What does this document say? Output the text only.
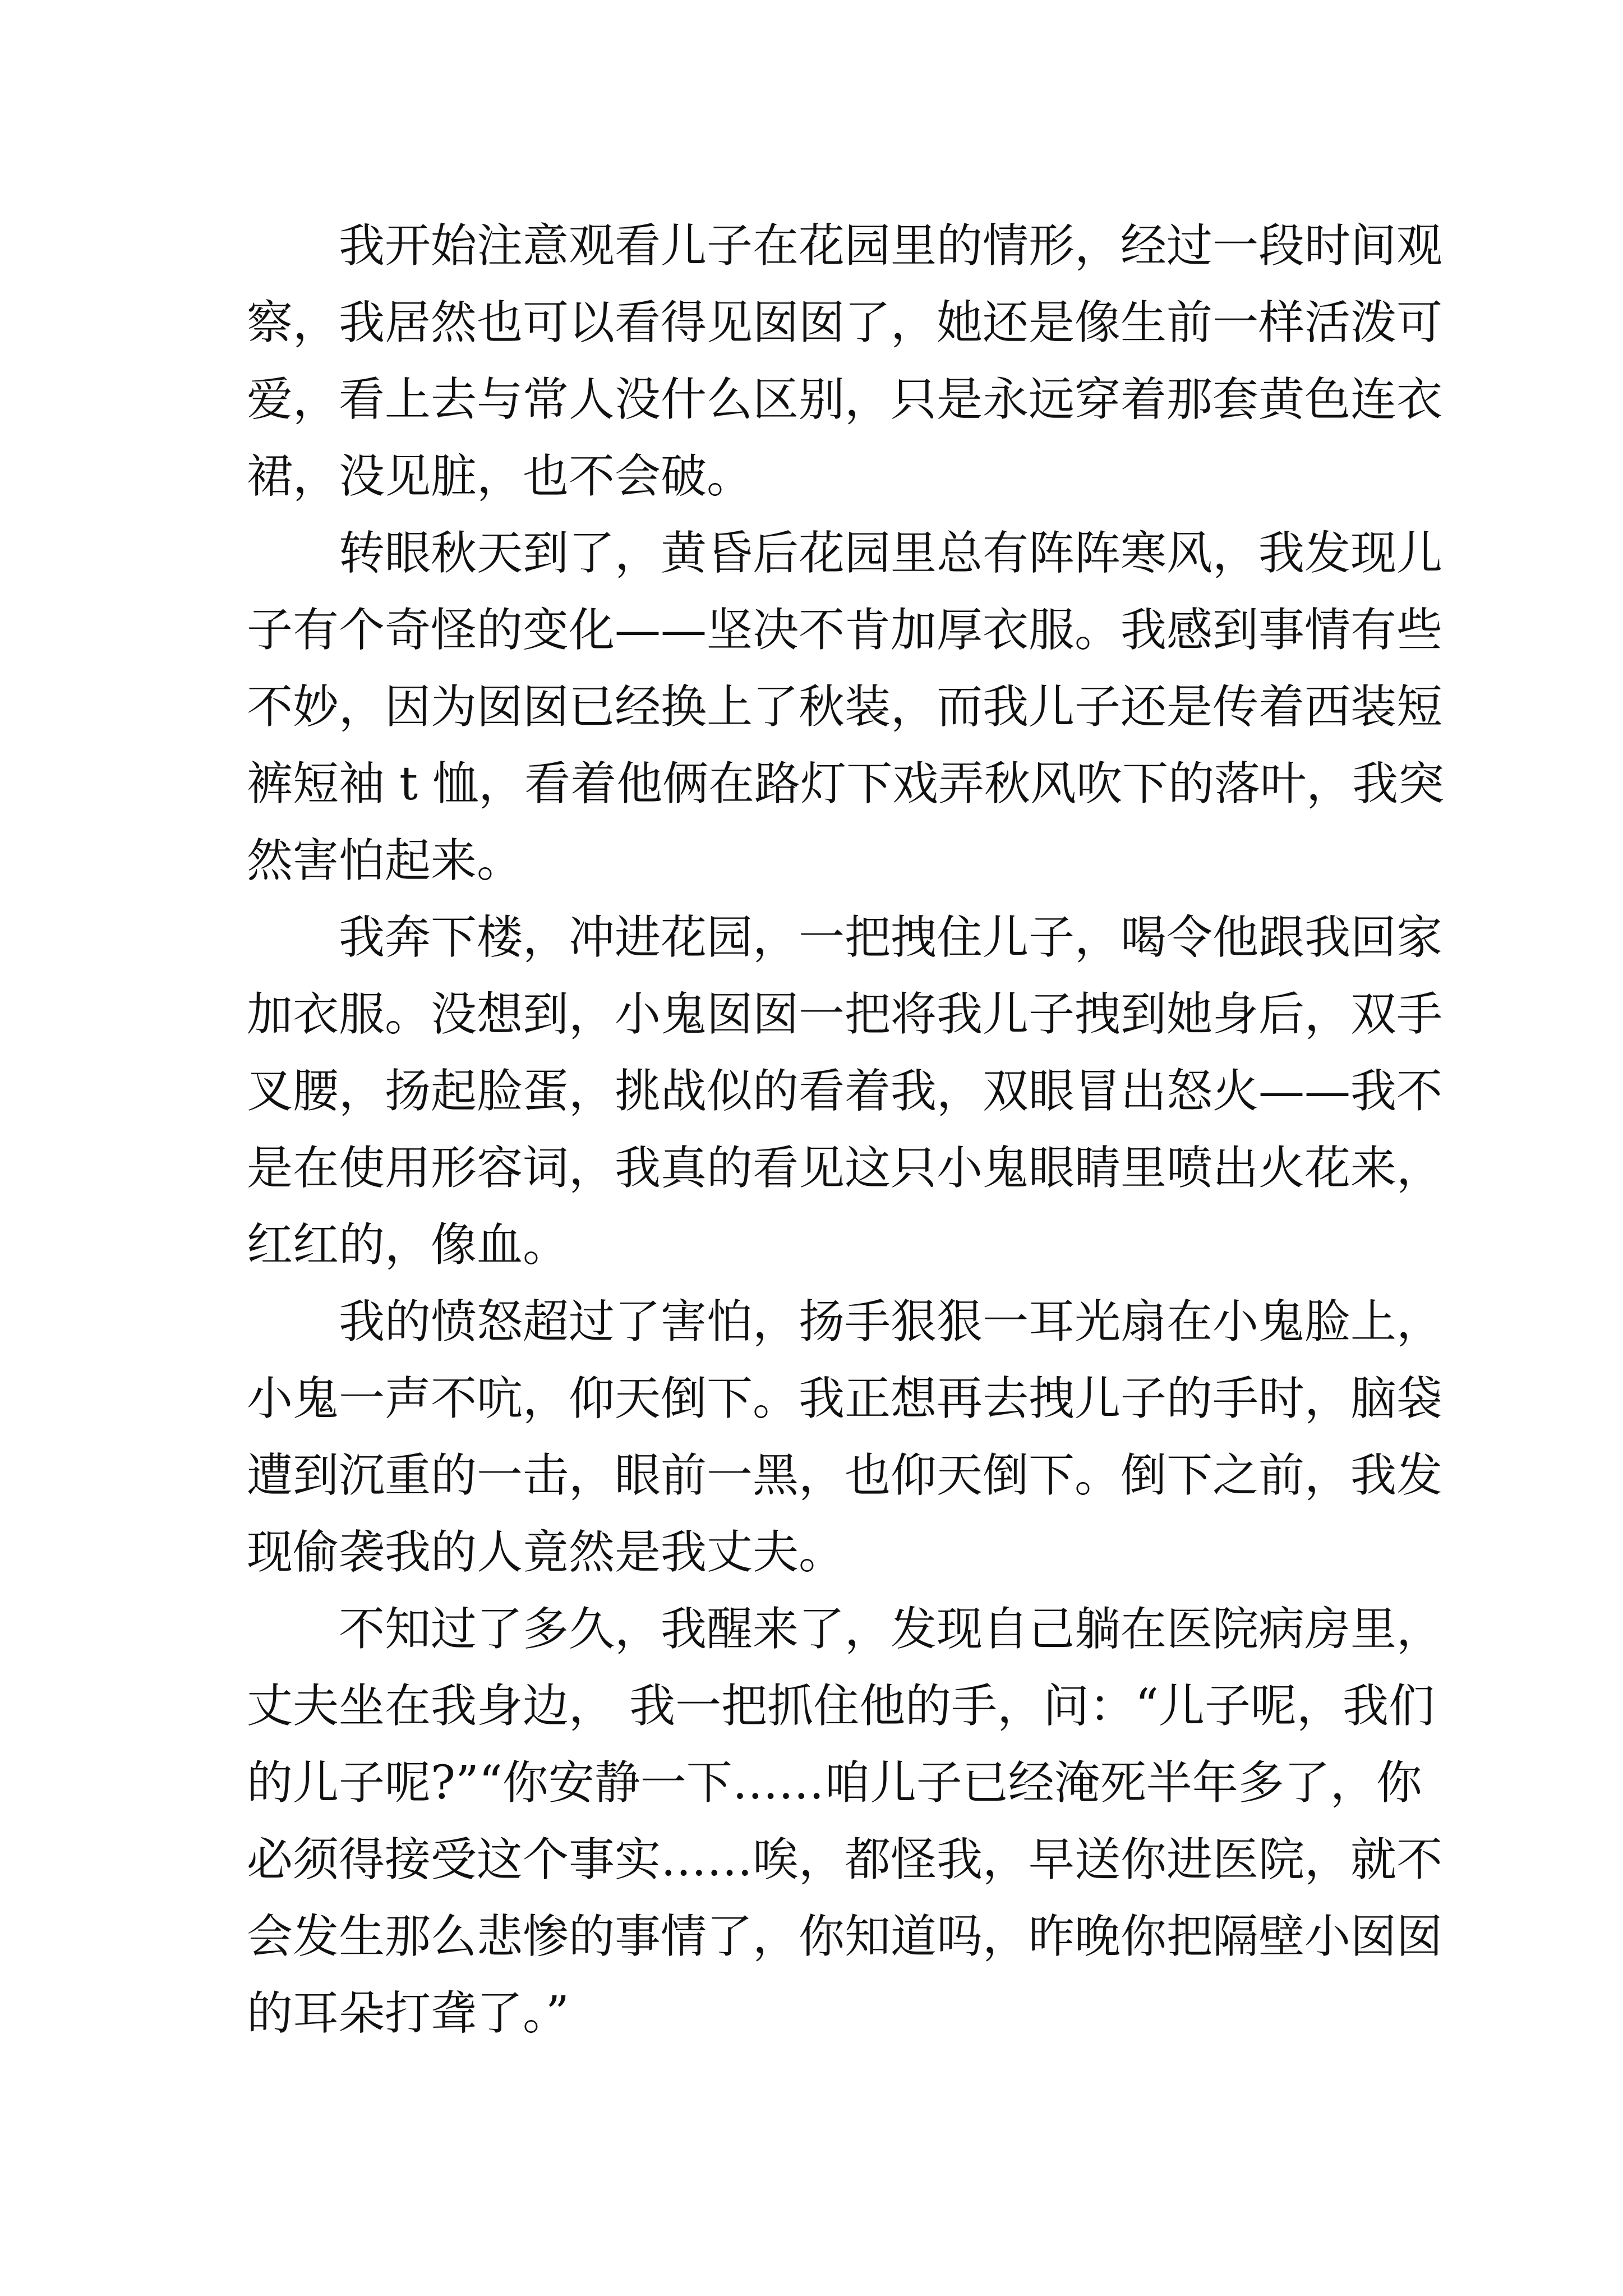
我开始注意观看儿子在花园里的情形，经过一段时间观
察，我居然也可以看得见囡囡了，她还是像生前一样活泼可
爱，看上去与常人没什么区别，只是永远穿着那套黄色连衣
裙，没见脏，也不会破。
转眼秋天到了，黄昏后花园里总有阵阵寒风，我发现儿
子有个奇怪的变化——坚决不肯加厚衣服。我感到事情有些
不妙，因为囡囡已经换上了秋装，而我儿子还是传着西装短
裤短袖 t 恤，看着他俩在路灯下戏弄秋风吹下的落叶，我突
然害怕起来。
我奔下楼，冲进花园，一把拽住儿子，喝令他跟我回家
加衣服。没想到，小鬼囡囡一把将我儿子拽到她身后，双手
叉腰，扬起脸蛋，挑战似的看着我，双眼冒出怒火——我不
是在使用形容词，我真的看见这只小鬼眼睛里喷出火花来，
红红的，像血。
我的愤怒超过了害怕，扬手狠狠一耳光扇在小鬼脸上，
小鬼一声不吭，仰天倒下。我正想再去拽儿子的手时，脑袋
遭到沉重的一击，眼前一黑，也仰天倒下。倒下之前，我发
现偷袭我的人竟然是我丈夫。
不知过了多久，我醒来了，发现自己躺在医院病房里，
丈夫坐在我身边， 我一把抓住他的手，问：“儿子呢，我们
的儿子呢?”“你安静一下……咱儿子已经淹死半年多了，你
必须得接受这个事实……唉，都怪我，早送你进医院，就不
会发生那么悲惨的事情了，你知道吗，昨晚你把隔壁小囡囡
的耳朵打聋了。”
